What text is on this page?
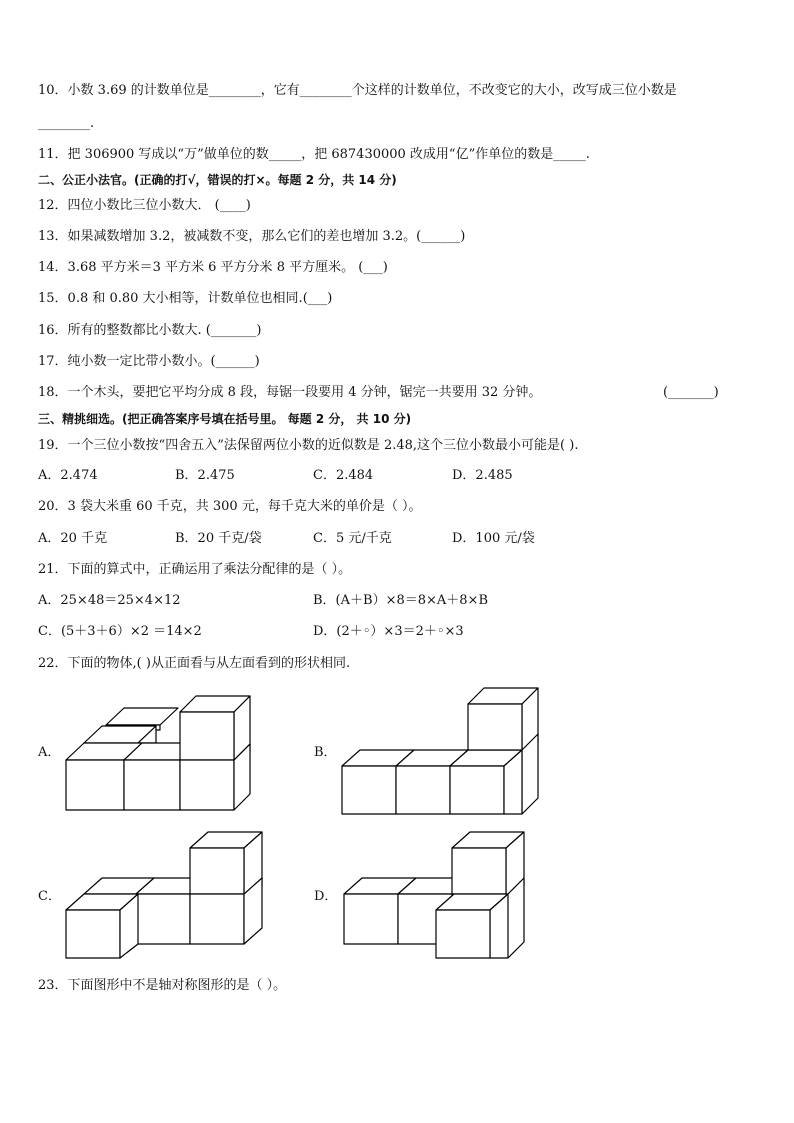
10．小数 3.69 的计数单位是________，它有________个这样的计数单位，不改变它的大小，改写成三位小数是
________.
11．把 306900 写成以“万”做单位的数_____，把 687430000 改成用“亿”作单位的数是_____.
二、公正小法官。(正确的打√，错误的打×。每题 2 分，共 14 分)
12．四位小数比三位小数大． (____)
13．如果减数增加 3.2，被减数不变，那么它们的差也增加 3.2。(______)
14．3.68 平方米＝3 平方米 6 平方分米 8 平方厘米。 (___)
15．0.8 和 0.80 大小相等，计数单位也相同.(___)
16．所有的整数都比小数大. (_______)
17．纯小数一定比带小数小。(______)
18．一个木头，要把它平均分成 8 段，每锯一段要用 4 分钟，锯完一共要用 32 分钟。	(_______)
三、精挑细选。(把正确答案序号填在括号里。 每题 2 分， 共 10 分)
19．一个三位小数按“四舍五入”法保留两位小数的近似数是 2.48,这个三位小数最小可能是( ).
A．2.474	B．2.475	C．2.484	D．2.485
20．3 袋大米重 60 千克，共 300 元，每千克大米的单价是（ ）。
A．20 千克	B．20 千克/袋	C．5 元/千克	D．100 元/袋
21．下面的算式中，正确运用了乘法分配律的是（ ）。
A．25×48＝25×4×12	B．(A＋B）×8＝8×A＋8×B
C．(5＋3＋6）×2 ＝14×2	D．(2＋◦）×3＝2＋◦×3
22．下面的物体,( )从正面看与从左面看到的形状相同.
A．	B．
C．	D．
23．下面图形中不是轴对称图形的是（ ）。
